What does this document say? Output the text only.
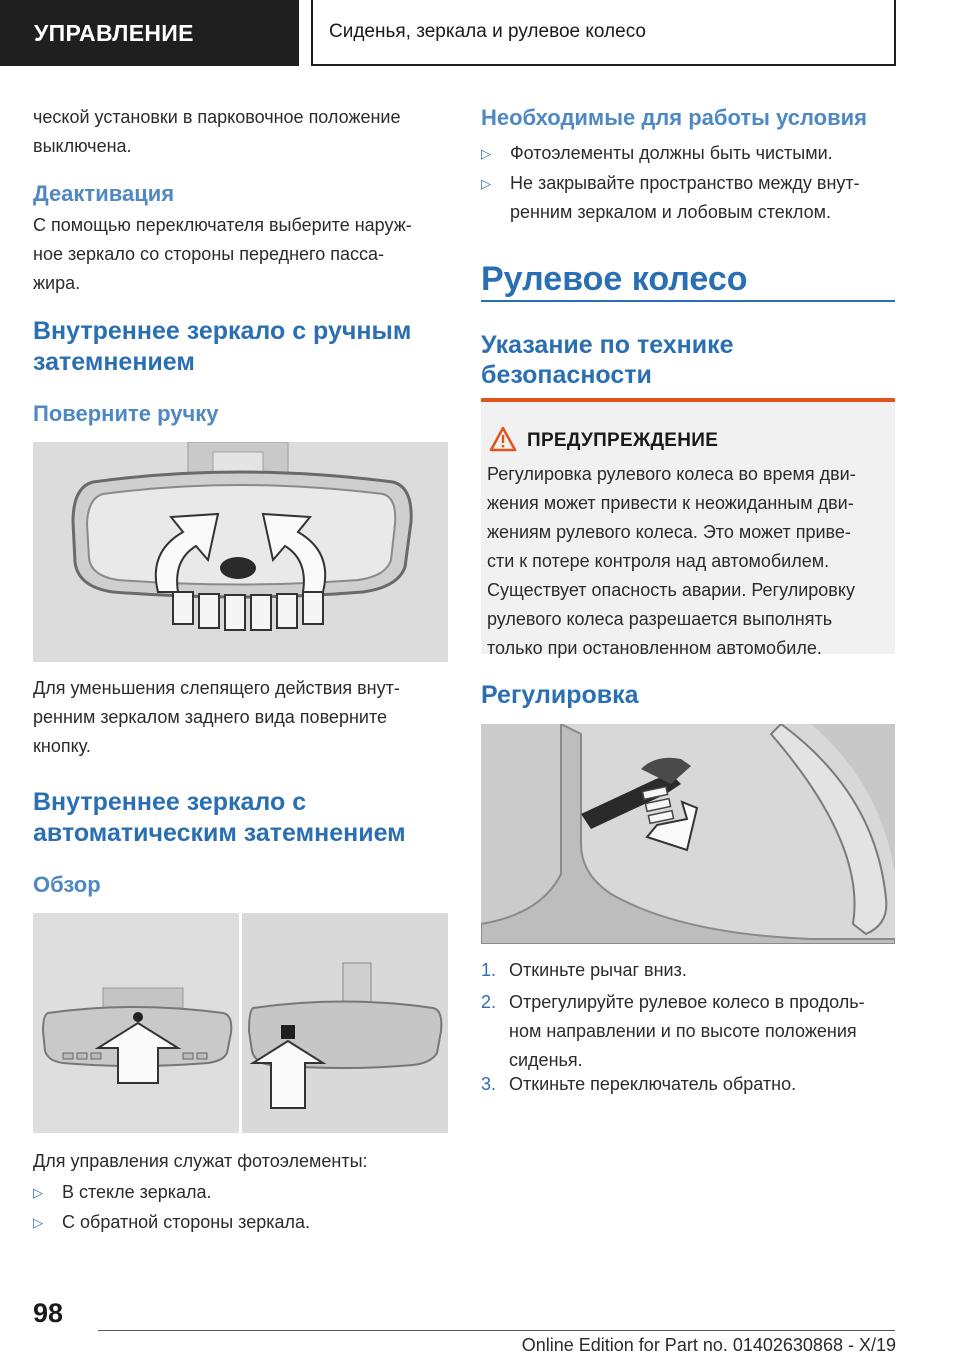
УПРАВЛЕНИЕ	Сиденья, зеркала и рулевое колесо
ческой установки в парковочное положение
выключена.
Деактивация
С помощью переключателя выберите наруж-
ное зеркало со стороны переднего пасса-
жира.
Внутреннее зеркало с ручным
затемнением
Поверните ручку
Для уменьшения слепящего действия внут-
ренним зеркалом заднего вида поверните
кнопку.
Внутреннее зеркало с
автоматическим затемнением
Обзор
Для управления служат фотоэлементы:
▷ В стекле зеркала.
▷ С обратной стороны зеркала.
Необходимые для работы условия
▷ Фотоэлементы должны быть чистыми.
▷ Не закрывайте пространство между внут-
ренним зеркалом и лобовым стеклом.
Рулевое колесо
Указание по технике
безопасности
ПРЕДУПРЕЖДЕНИЕ
Регулировка рулевого колеса во время дви-
жения может привести к неожиданным дви-
жениям рулевого колеса. Это может приве-
сти к потере контроля над автомобилем.
Существует опасность аварии. Регулировку
рулевого колеса разрешается выполнять
только при остановленном автомобиле.
Регулировка
1. Откиньте рычаг вниз.
2. Отрегулируйте рулевое колесо в продоль-
ном направлении и по высоте положения
сиденья.
3. Откиньте переключатель обратно.
98
Online Edition for Part no. 01402630868 - X/19
